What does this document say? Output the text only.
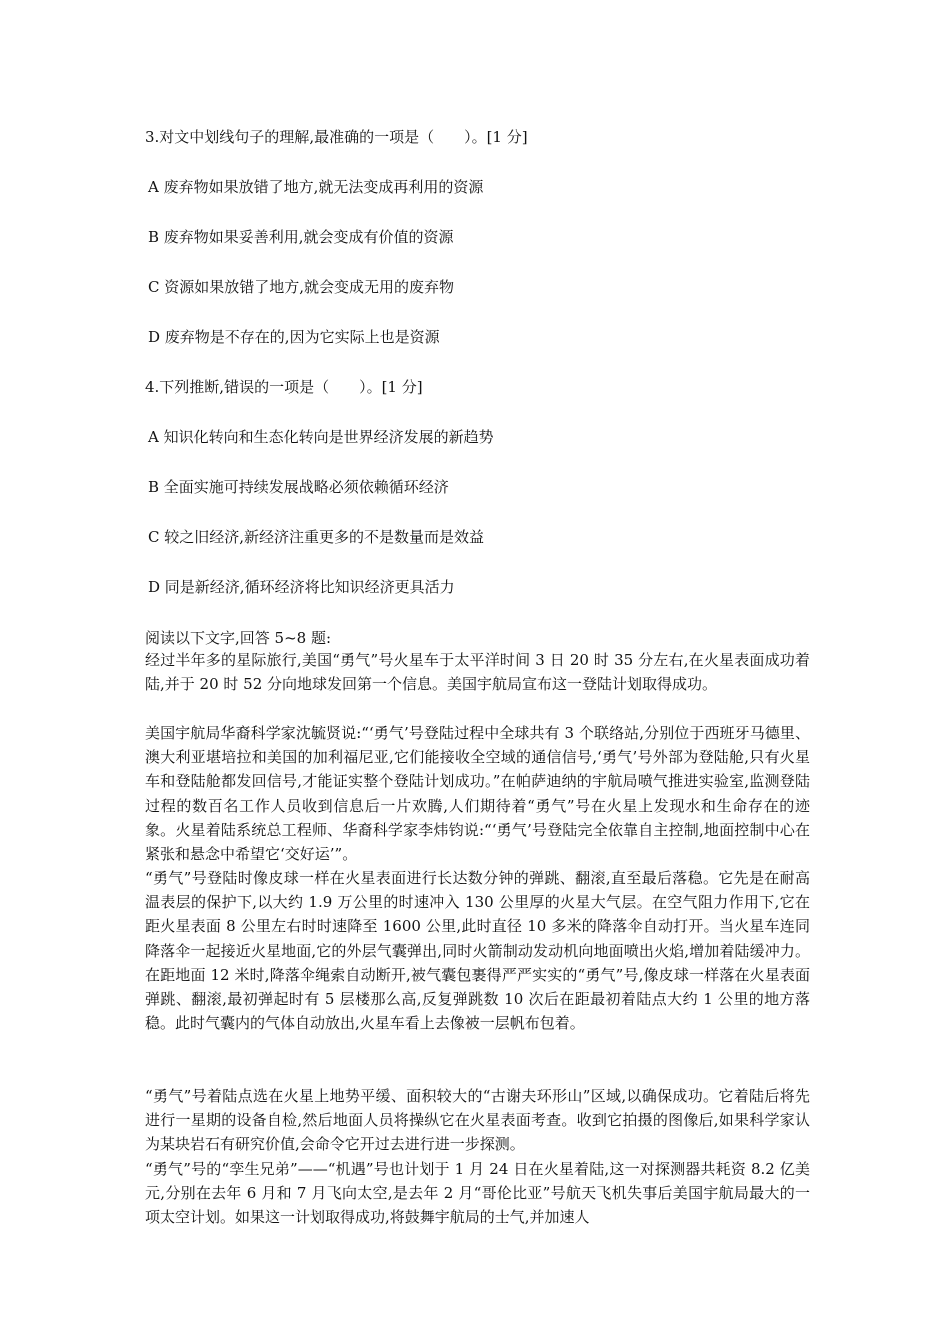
3.对文中划线句子的理解,最准确的一项是（　　）。[1 分]

A 废弃物如果放错了地方,就无法变成再利用的资源

B 废弃物如果妥善利用,就会变成有价值的资源

C 资源如果放错了地方,就会变成无用的废弃物

D 废弃物是不存在的,因为它实际上也是资源

4.下列推断,错误的一项是（　　）。[1 分]

A 知识化转向和生态化转向是世界经济发展的新趋势

B 全面实施可持续发展战略必须依赖循环经济

C 较之旧经济,新经济注重更多的不是数量而是效益

D 同是新经济,循环经济将比知识经济更具活力

阅读以下文字,回答 5~8 题:

经过半年多的星际旅行,美国“勇气”号火星车于太平洋时间 3 日 20 时 35 分左右,在火星表面成功着陆,并于 20 时 52 分向地球发回第一个信息。美国宇航局宣布这一登陆计划取得成功。

美国宇航局华裔科学家沈毓贤说:“‘勇气’号登陆过程中全球共有 3 个联络站,分别位于西班牙马德里、澳大利亚堪培拉和美国的加利福尼亚,它们能接收全空域的通信信号,‘勇气’号外部为登陆舱,只有火星车和登陆舱都发回信号,才能证实整个登陆计划成功。”在帕萨迪纳的宇航局喷气推进实验室,监测登陆过程的数百名工作人员收到信息后一片欢腾,人们期待着“勇气”号在火星上发现水和生命存在的迹象。火星着陆系统总工程师、华裔科学家李炜钧说:“‘勇气’号登陆完全依靠自主控制,地面控制中心在紧张和悬念中希望它‘交好运’”。

“勇气”号登陆时像皮球一样在火星表面进行长达数分钟的弹跳、翻滚,直至最后落稳。它先是在耐高温表层的保护下,以大约 1.9 万公里的时速冲入 130 公里厚的火星大气层。在空气阻力作用下,它在距火星表面 8 公里左右时时速降至 1600 公里,此时直径 10 多米的降落伞自动打开。当火星车连同降落伞一起接近火星地面,它的外层气囊弹出,同时火箭制动发动机向地面喷出火焰,增加着陆缓冲力。在距地面 12 米时,降落伞绳索自动断开,被气囊包裹得严严实实的“勇气”号,像皮球一样落在火星表面弹跳、翻滚,最初弹起时有 5 层楼那么高,反复弹跳数 10 次后在距最初着陆点大约 1 公里的地方落稳。此时气囊内的气体自动放出,火星车看上去像被一层帆布包着。

“勇气”号着陆点选在火星上地势平缓、面积较大的“古谢夫环形山”区域,以确保成功。它着陆后将先进行一星期的设备自检,然后地面人员将操纵它在火星表面考查。收到它拍摄的图像后,如果科学家认为某块岩石有研究价值,会命令它开过去进行进一步探测。

“勇气”号的“孪生兄弟”——“机遇”号也计划于 1 月 24 日在火星着陆,这一对探测器共耗资 8.2 亿美元,分别在去年 6 月和 7 月飞向太空,是去年 2 月“哥伦比亚”号航天飞机失事后美国宇航局最大的一项太空计划。如果这一计划取得成功,将鼓舞宇航局的士气,并加速人
